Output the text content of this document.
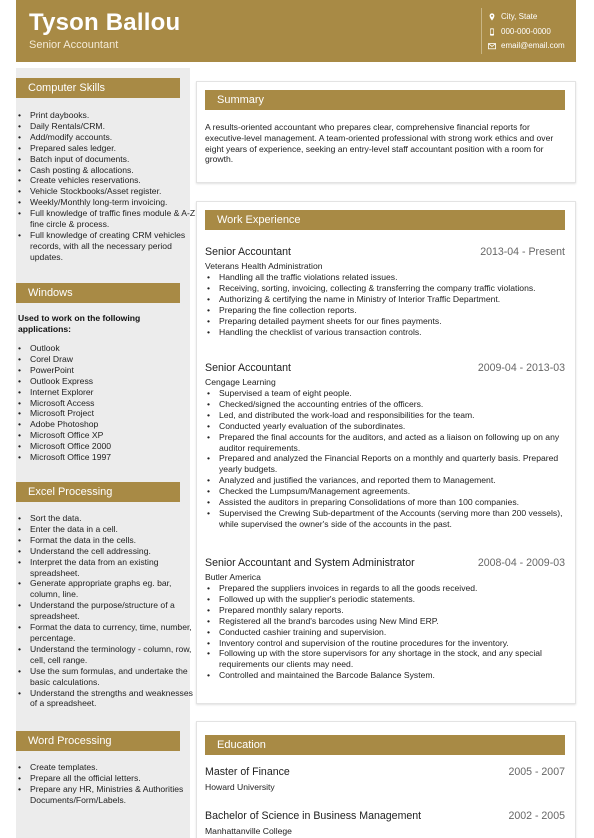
Tyson Ballou
Senior Accountant
City, State
000-000-0000
email@email.com
Computer Skills
• Print daybooks.
• Daily Rentals/CRM.
• Add/modify accounts.
• Prepared sales ledger.
• Batch input of documents.
• Cash posting & allocations.
• Create vehicles reservations.
• Vehicle Stockbooks/Asset register.
• Weekly/Monthly long-term invoicing.
• Full knowledge of traffic fines module & A-Z fine circle & process.
• Full knowledge of creating CRM vehicles records, with all the necessary period updates.
Windows
Used to work on the following applications:
• Outlook
• Corel Draw
• PowerPoint
• Outlook Express
• Internet Explorer
• Microsoft Access
• Microsoft Project
• Adobe Photoshop
• Microsoft Office XP
• Microsoft Office 2000
• Microsoft Office 1997
Excel Processing
• Sort the data.
• Enter the data in a cell.
• Format the data in the cells.
• Understand the cell addressing.
• Interpret the data from an existing spreadsheet.
• Generate appropriate graphs eg. bar, column, line.
• Understand the purpose/structure of a spreadsheet.
• Format the data to currency, time, number, percentage.
• Understand the terminology - column, row, cell, cell range.
• Use the sum formulas, and undertake the basic calculations.
• Understand the strengths and weaknesses of a spreadsheet.
Word Processing
• Create templates.
• Prepare all the official letters.
• Prepare any HR, Ministries & Authorities Documents/Form/Labels.
Summary
A results-oriented accountant who prepares clear, comprehensive financial reports for executive-level management. A team-oriented professional with strong work ethics and over eight years of experience, seeking an entry-level staff accountant position with a room for growth.
Work Experience
Senior Accountant	2013-04 - Present
Veterans Health Administration
• Handling all the traffic violations related issues.
• Receiving, sorting, invoicing, collecting & transferring the company traffic violations.
• Authorizing & certifying the name in Ministry of Interior Traffic Department.
• Preparing the fine collection reports.
• Preparing detailed payment sheets for our fines payments.
• Handling the checklist of various transaction controls.
Senior Accountant	2009-04 - 2013-03
Cengage Learning
• Supervised a team of eight people.
• Checked/signed the accounting entries of the officers.
• Led, and distributed the work-load and responsibilities for the team.
• Conducted yearly evaluation of the subordinates.
• Prepared the final accounts for the auditors, and acted as a liaison on following up on any auditor requirements.
• Prepared and analyzed the Financial Reports on a monthly and quarterly basis. Prepared yearly budgets.
• Analyzed and justified the variances, and reported them to Management.
• Checked the Lumpsum/Management agreements.
• Assisted the auditors in preparing Consolidations of more than 100 companies.
• Supervised the Crewing Sub-department of the Accounts (serving more than 200 vessels), while supervised the owner's side of the accounts in the past.
Senior Accountant and System Administrator	2008-04 - 2009-03
Butler America
• Prepared the suppliers invoices in regards to all the goods received.
• Followed up with the supplier's periodic statements.
• Prepared monthly salary reports.
• Registered all the brand's barcodes using New Mind ERP.
• Conducted cashier training and supervision.
• Inventory control and supervision of the routine procedures for the inventory.
• Following up with the store supervisors for any shortage in the stock, and any special requirements our clients may need.
• Controlled and maintained the Barcode Balance System.
Education
Master of Finance	2005 - 2007
Howard University
Bachelor of Science in Business Management	2002 - 2005
Manhattanville College
